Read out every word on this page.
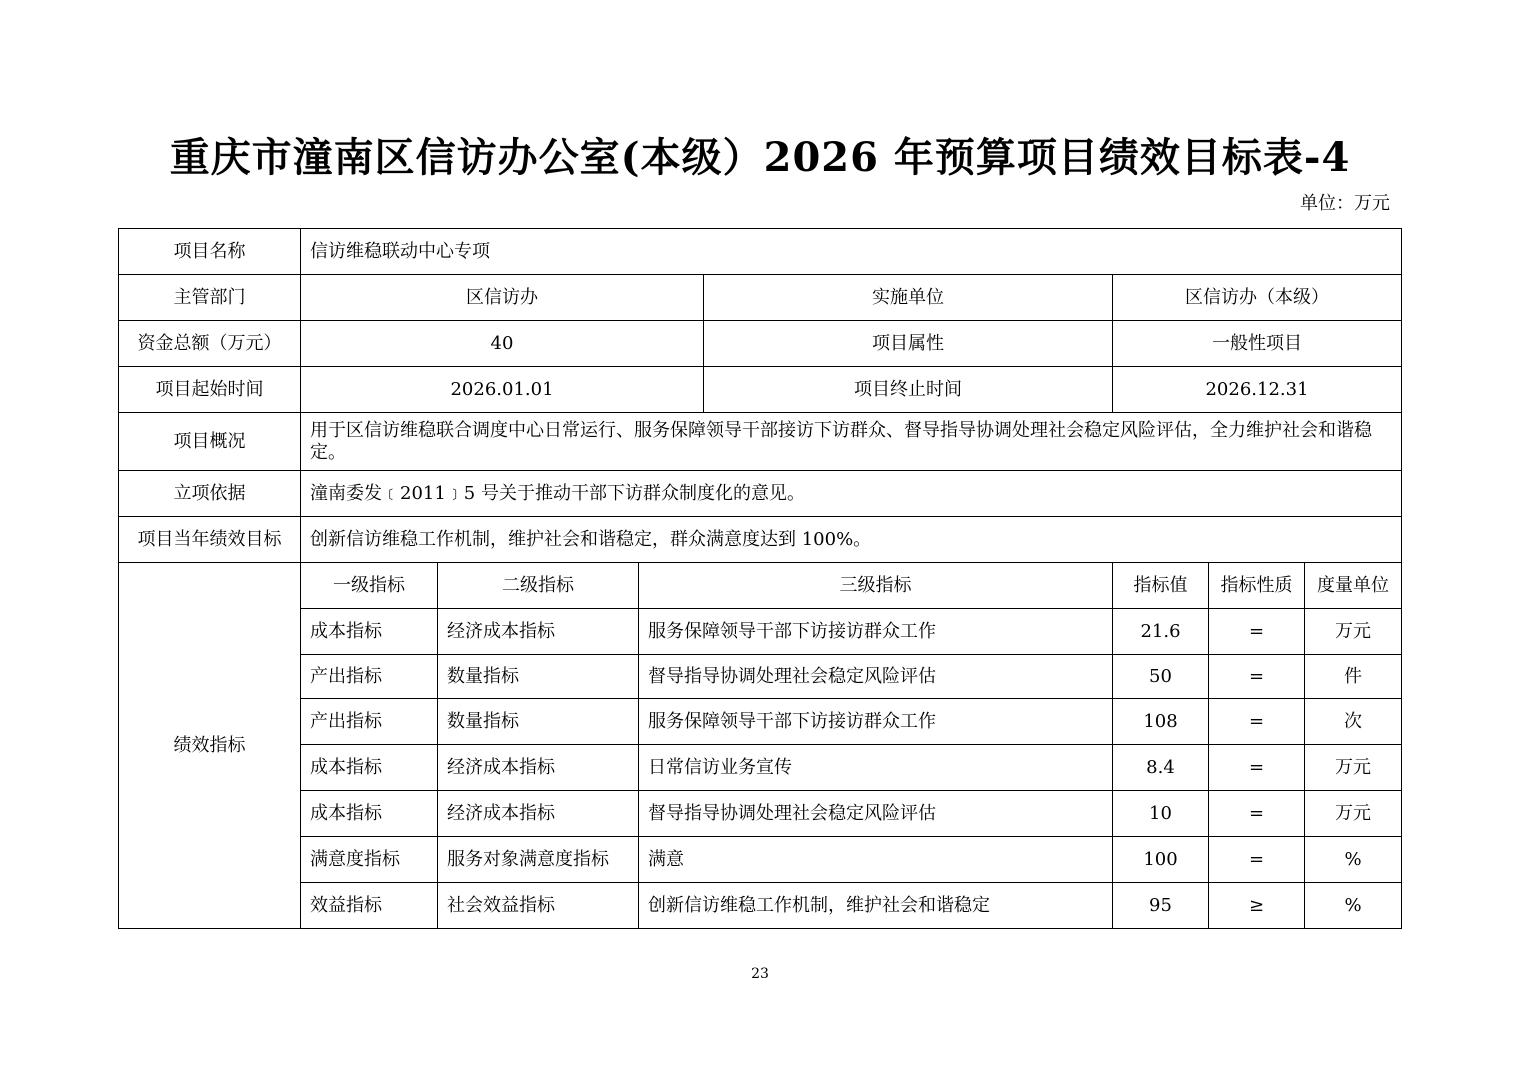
重庆市潼南区信访办公室(本级）2026 年预算项目绩效目标表-4
单位：万元
项目名称	信访维稳联动中心专项						
主管部门	区信访办			实施单位	区信访办（本级）		
资金总额（万元）	40			项目属性	一般性项目		
项目起始时间	2026.01.01			项目终止时间	2026.12.31		
项目概况	用于区信访维稳联合调度中心日常运行、服务保障领导干部接访下访群众、督导指导协调处理社会稳定风险评估，全力维护社会和谐稳定。						
立项依据	潼南委发﹝2011﹞5 号关于推动干部下访群众制度化的意见。						
项目当年绩效目标	创新信访维稳工作机制，维护社会和谐稳定，群众满意度达到 100%。						
绩效指标	一级指标	二级指标	三级指标		指标值	指标性质	度量单位
	成本指标	经济成本指标	服务保障领导干部下访接访群众工作		21.6	=	万元
	产出指标	数量指标	督导指导协调处理社会稳定风险评估		50	=	件
	产出指标	数量指标	服务保障领导干部下访接访群众工作		108	=	次
	成本指标	经济成本指标	日常信访业务宣传		8.4	=	万元
	成本指标	经济成本指标	督导指导协调处理社会稳定风险评估		10	=	万元
	满意度指标	服务对象满意度指标	满意		100	=	%
	效益指标	社会效益指标	创新信访维稳工作机制，维护社会和谐稳定		95	≥	%
23
